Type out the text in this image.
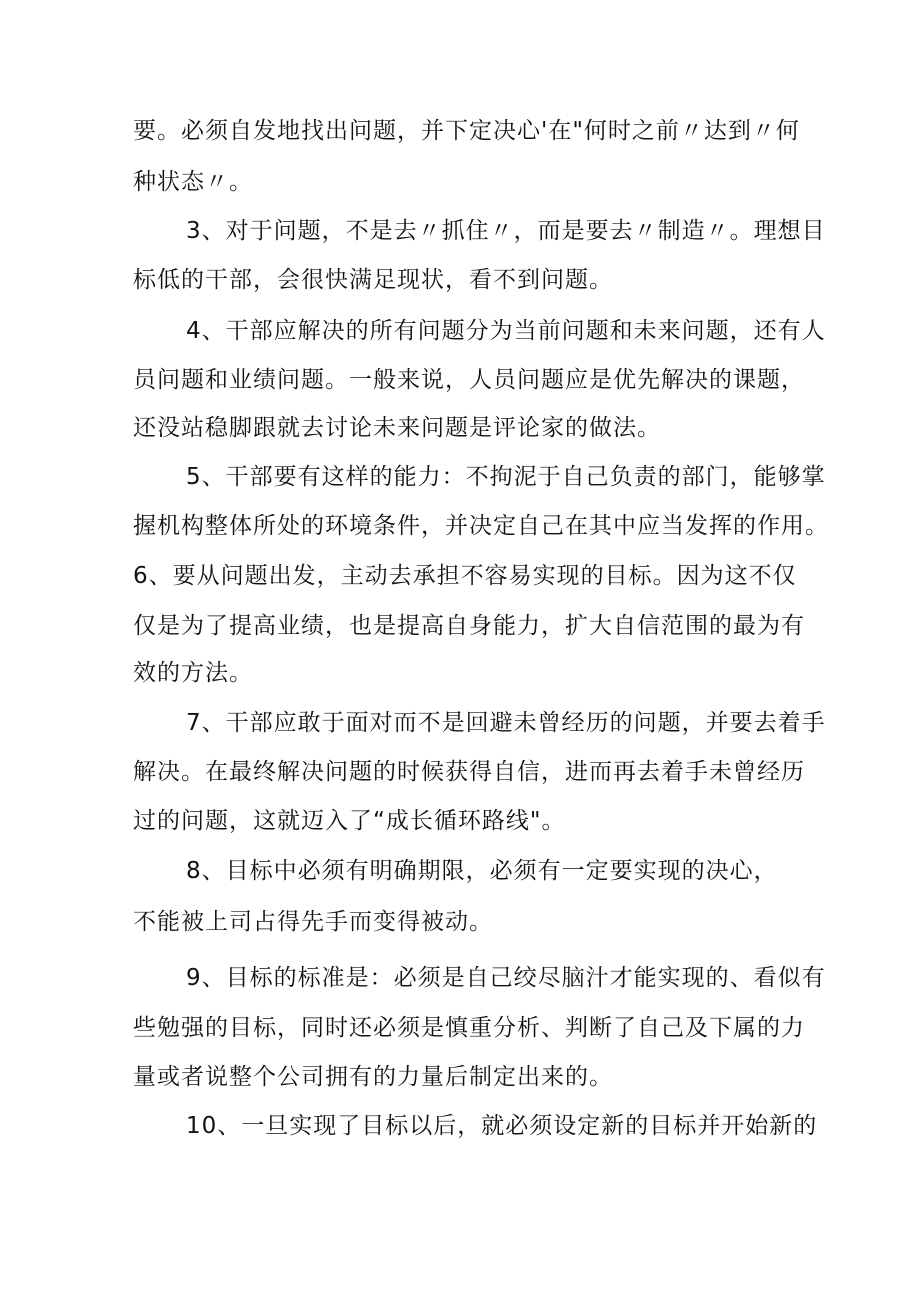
要。必须自发地找出问题，并下定决心'在"何时之前〃达到〃何
种状态〃。
3、对于问题，不是去〃抓住〃，而是要去〃制造〃。理想目
标低的干部，会很快满足现状，看不到问题。
4、干部应解决的所有问题分为当前问题和未来问题，还有人
员问题和业绩问题。一般来说，人员问题应是优先解决的课题，
还没站稳脚跟就去讨论未来问题是评论家的做法。
5、干部要有这样的能力：不拘泥于自己负责的部门，能够掌
握机构整体所处的环境条件，并决定自己在其中应当发挥的作用。
6、要从问题出发，主动去承担不容易实现的目标。因为这不仅
仅是为了提高业绩，也是提高自身能力，扩大自信范围的最为有
效的方法。
7、干部应敢于面对而不是回避未曾经历的问题，并要去着手
解决。在最终解决问题的时候获得自信，进而再去着手未曾经历
过的问题，这就迈入了“成长循环路线"。
8、目标中必须有明确期限，必须有一定要实现的决心，
不能被上司占得先手而变得被动。
9、目标的标准是：必须是自己绞尽脑汁才能实现的、看似有
些勉强的目标，同时还必须是慎重分析、判断了自己及下属的力
量或者说整个公司拥有的力量后制定出来的。
10、一旦实现了目标以后，就必须设定新的目标并开始新的
